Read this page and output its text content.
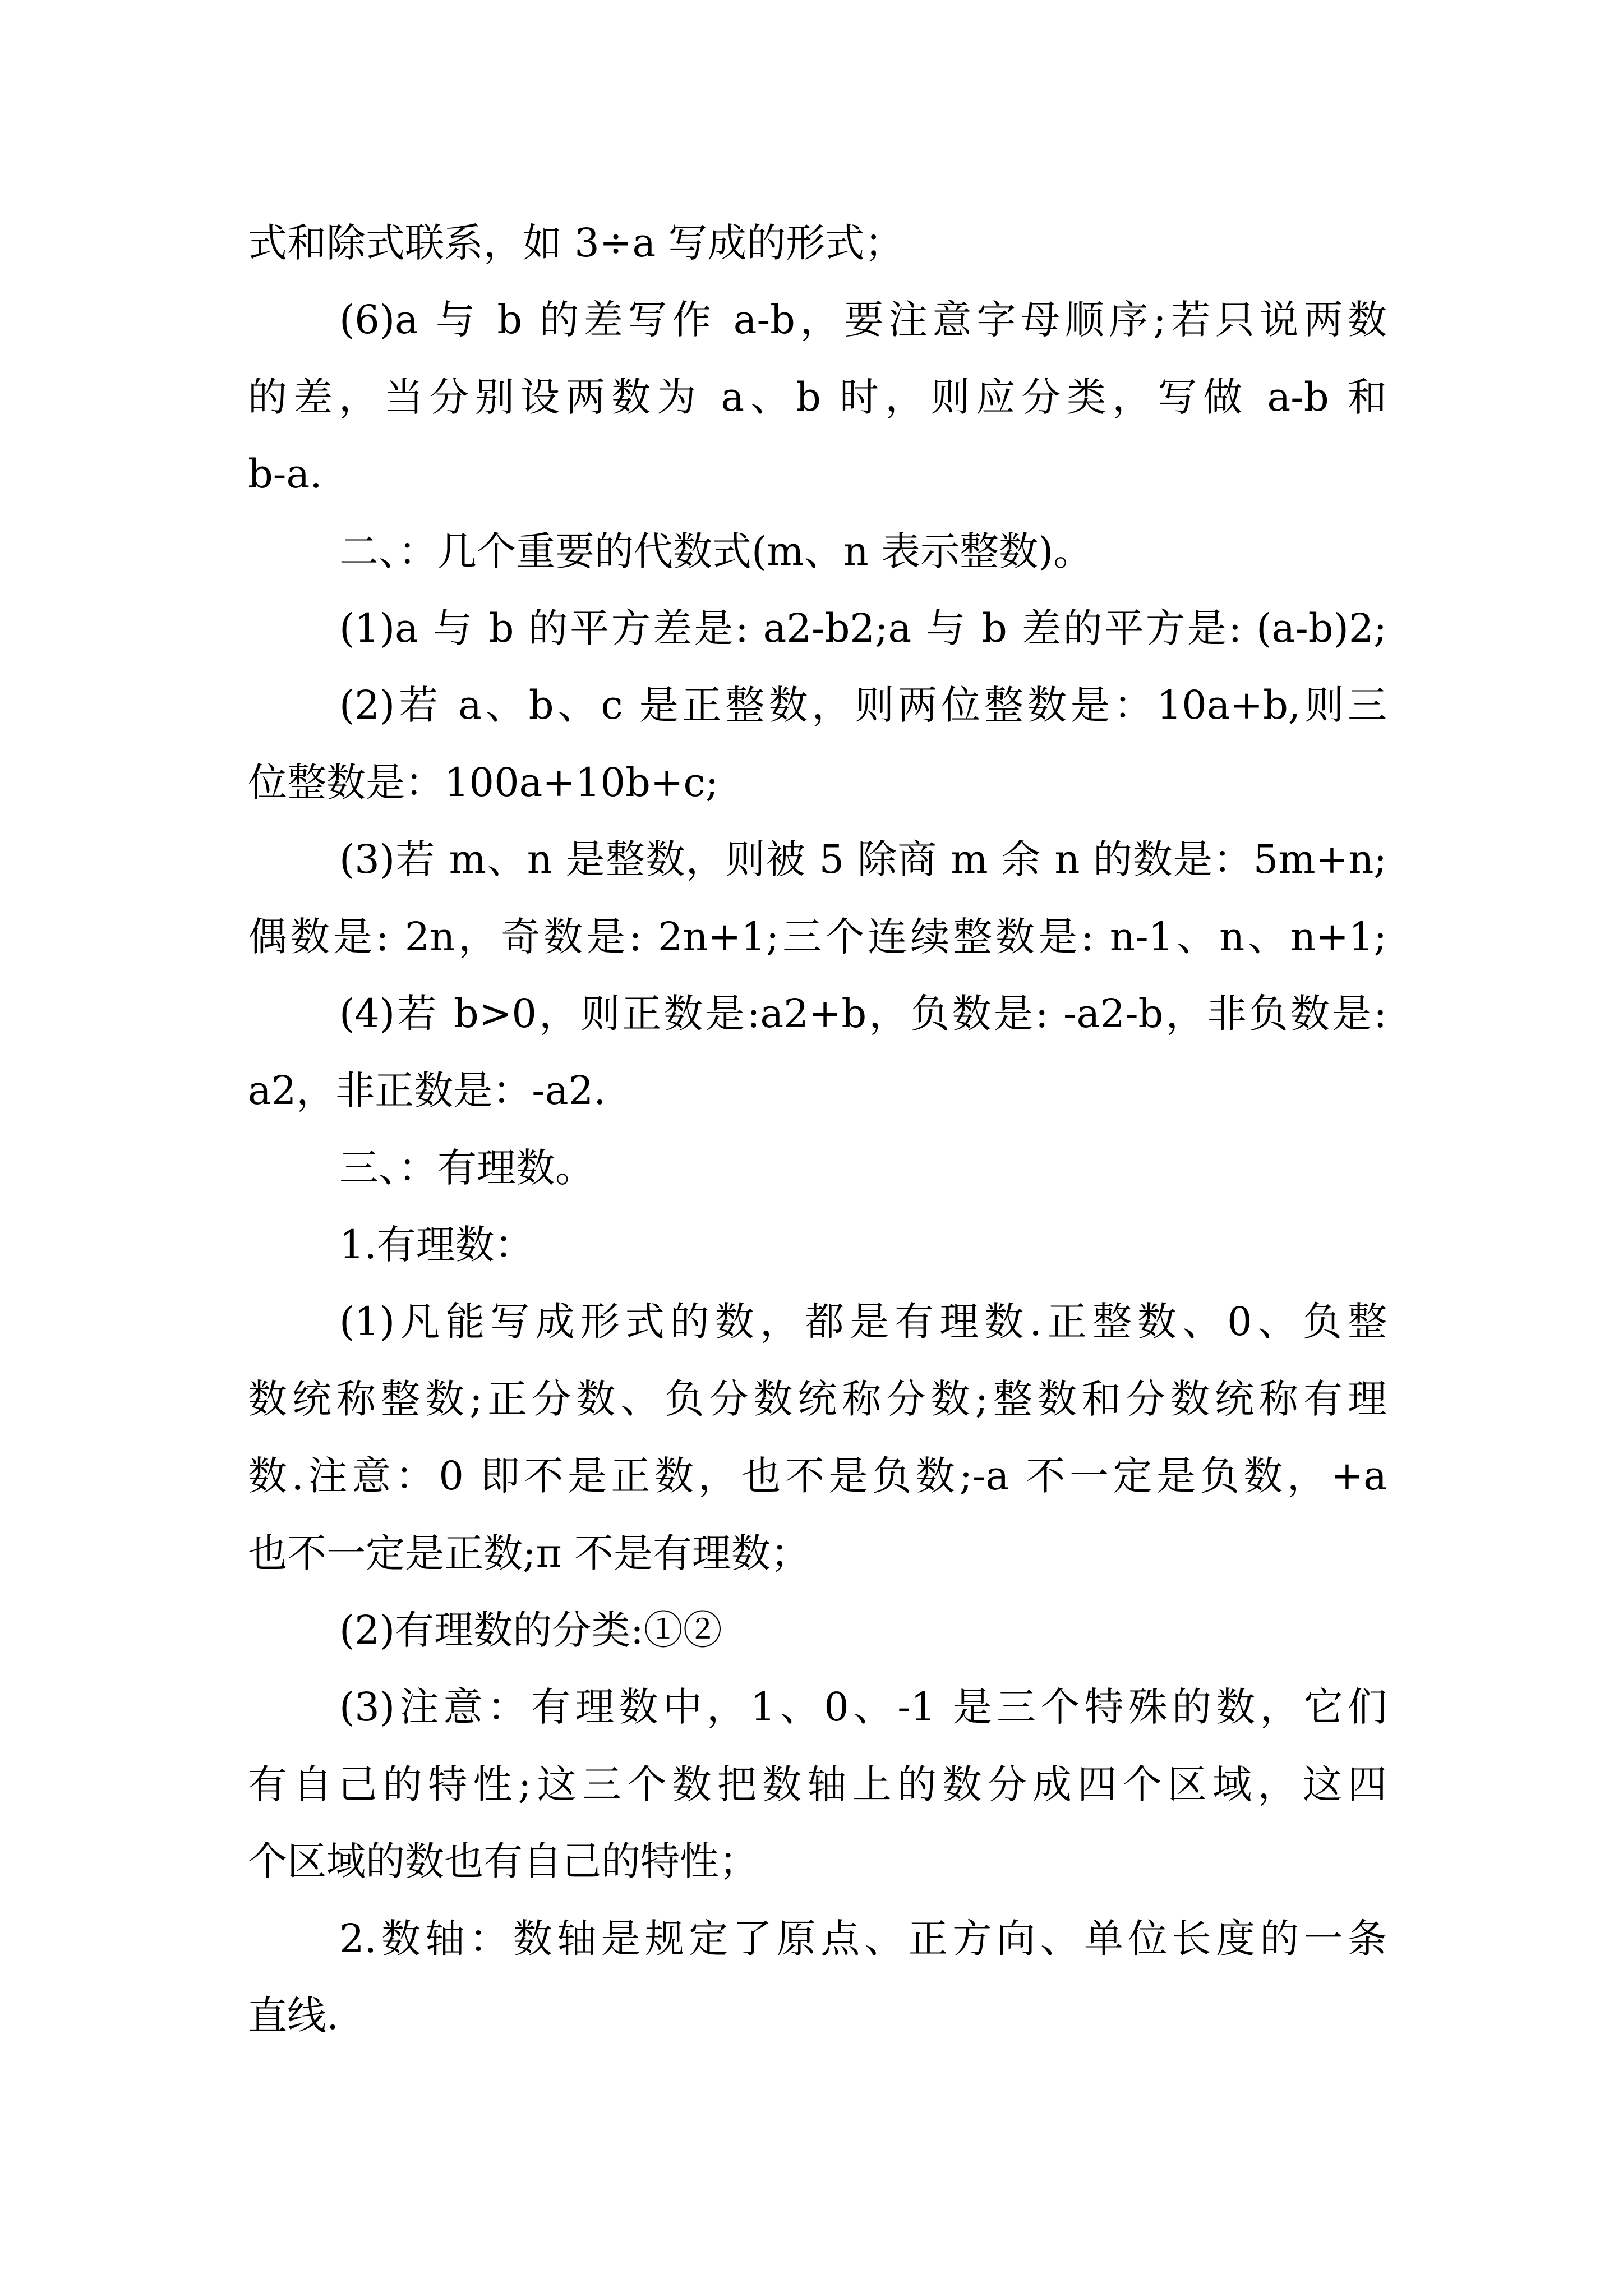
式和除式联系，如 3÷a 写成的形式；
(6)a 与 b 的差写作 a-b，要注意字母顺序;若只说两数
的差，当分别设两数为 a、b 时，则应分类，写做 a-b 和
b-a.
二、：几个重要的代数式(m、n 表示整数)。
(1)a 与 b 的平方差是: a2-b2;a 与 b 差的平方是: (a-b)2;
(2)若 a、b、c 是正整数，则两位整数是：10a+b,则三
位整数是：100a+10b+c;
(3)若 m、n 是整数，则被 5 除商 m 余 n 的数是：5m+n;
偶数是: 2n，奇数是: 2n+1;三个连续整数是: n-1、n、n+1;
(4)若 b>0，则正数是:a2+b，负数是: -a2-b，非负数是:
a2，非正数是：-a2.
三、：有理数。
1.有理数：
(1)凡能写成形式的数，都是有理数.正整数、0、负整
数统称整数;正分数、负分数统称分数;整数和分数统称有理
数.注意：0 即不是正数，也不是负数;-a 不一定是负数，+a
也不一定是正数;π 不是有理数；
(2)有理数的分类:①②
(3)注意：有理数中，1、0、-1 是三个特殊的数，它们
有自己的特性;这三个数把数轴上的数分成四个区域，这四
个区域的数也有自己的特性；
2.数轴：数轴是规定了原点、正方向、单位长度的一条
直线.
